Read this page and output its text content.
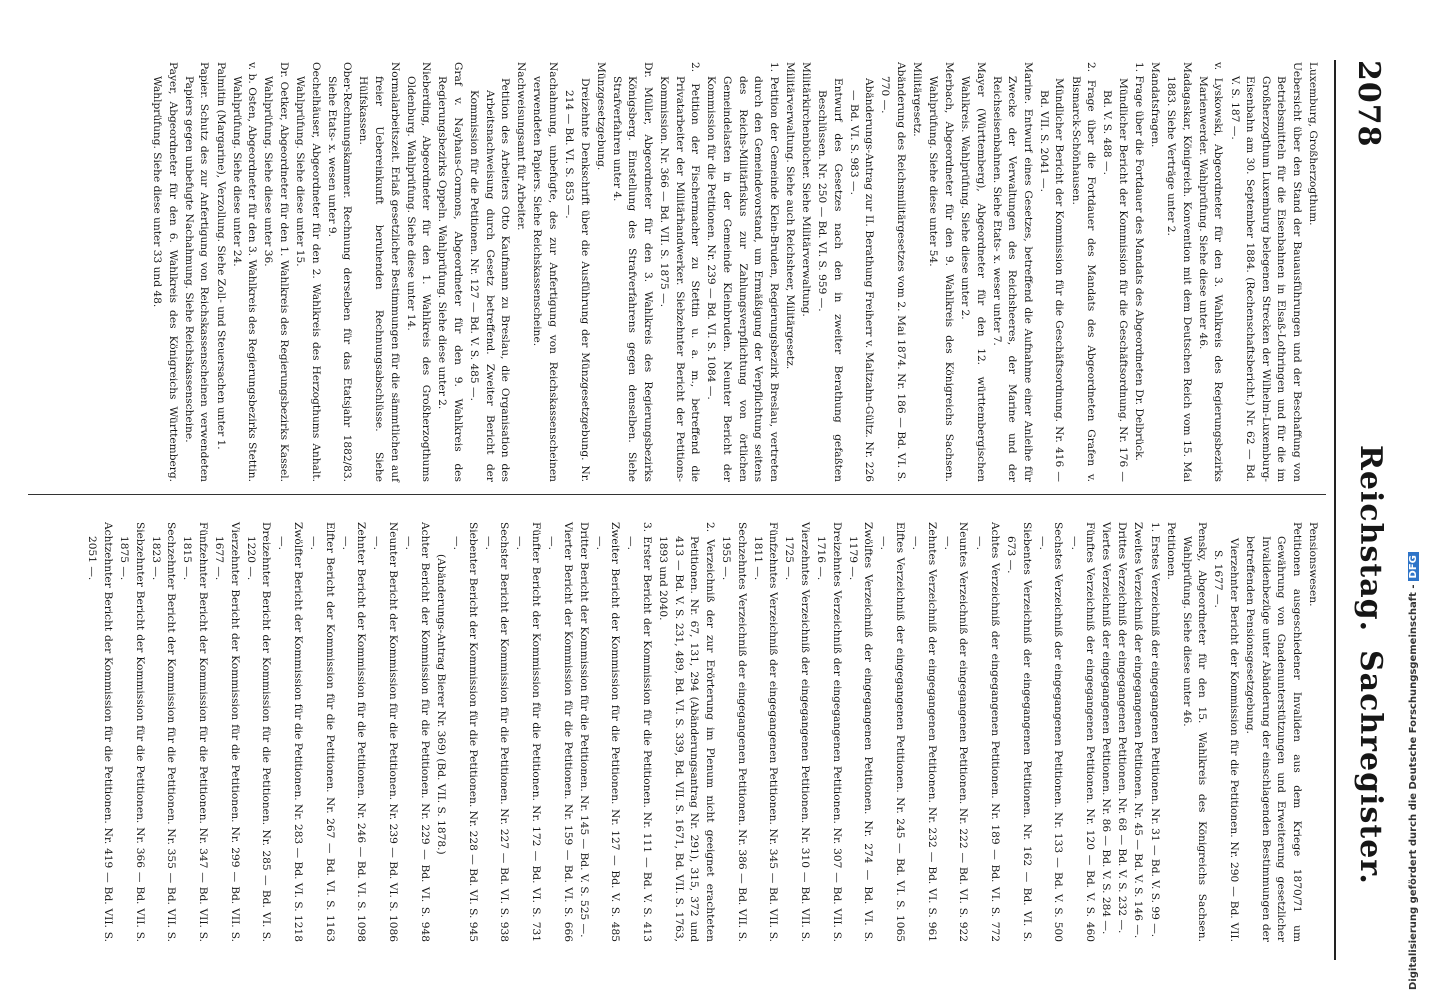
2078
Reichstag.
Sachregister.
Luxemburg, Großherzogthum.
Uebersicht über den Stand der Bauausführungen und der Beschaffung von Betriebsmitteln für die Eisenbahnen in Elsaß-Lothringen und für die im Großherzogthum Luxemburg belegenen Strecken der Wilhelm-Luxemburg-Eisenbahn am 30. September 1884. (Rechenschaftsbericht.) Nr. 62 — Bd. V. S. 187 —.
v. Lyskowski, Abgeordneter für den 3. Wahlkreis des Regierungsbezirks Marienwerder. Wahlprüfung. Siehe diese unter 46.
Madagaskar, Königreich. Konvention mit dem Deutschen Reich vom 15. Mai 1883. Siehe Verträge unter 2.
Mandatsfragen.
1. Frage über die Fortdauer des Mandats des Abgeordneten Dr. Delbrück.
Mündlicher Bericht der Kommission für die Geschäftsordnung. Nr. 176 — Bd. V. S. 488 —.
2. Frage über die Fortdauer des Mandats des Abgeordneten Grafen v. Bismarck-Schönhausen.
Mündlicher Bericht der Kommission für die Geschäftsordnung. Nr. 416 — Bd. VII. S. 2041 —.
Marine. Entwurf eines Gesetzes, betreffend die Aufnahme einer Anleihe für Zwecke der Verwaltungen des Reichsheeres, der Marine und der Reichseisenbahnen. Siehe Etats- x. weser unter 7.
Mayer (Württemberg), Abgeordneter für den 12. württembergischen Wahlkreis. Wahlprüfung. Siehe diese unter 2.
Merbach, Abgeordneter für den 9. Wahlkreis des Königreichs Sachsen. Wahlprüfung. Siehe diese unter 54.
Militärgesetz.
Abänderung des Reichsmilitärgesetzes vom 2. Mai 1874. Nr. 186 — Bd. VI. S. 770 —.
Abänderungs-Antrag zur II. Berathung Freiherr v. Maltzahn-Gültz. Nr. 226 — Bd. VI. S. 983 —.
Entwurf des Gesetzes nach den in zweiter Berathung gefaßten Beschlüssen. Nr. 250 — Bd. VI. S. 959 —.
Militärkirchenbücher. Siehe Militärverwaltung.
Militärverwaltung. Siehe auch Reichsheer, Militärgesetz.
1. Petition der Gemeinde Klein-Bruden, Regierungsbezirk Breslau, vertreten durch den Gemeindevorstand, um Ermäßigung der Verpflichtung seitens des Reichs-Militärfiskus zur Zahlungsverpflichtung von örtlichen Gemeindelasten in der Gemeinde Kleinbruden. Neunter Bericht der Kommission für die Petitionen. Nr. 239 — Bd. VI. S. 1084 —.
2. Petition der Fischermacher zu Stettin u. a. m., betreffend die Privatarbeiter der Militärhandwerker. Siebzehnter Bericht der Petitions-Kommission. Nr. 366 — Bd. VII. S. 1875 —.
Dr. Müller, Abgeordneter für den 3. Wahlkreis des Regierungsbezirks Königsberg. Einstellung des Strafverfahrens gegen denselben. Siehe Strafverfahren unter 4.
Münzgesetzgebung.
Dreizehnte Denkschrift über die Ausführung der Münzgesetzgebung. Nr. 214 — Bd. VI. S. 853 —.
Nachahmung, unbefugte, des zur Anfertigung von Reichskassenscheinen verwendeten Papiers. Siehe Reichskassenscheine.
Nachweisungsamt für Arbeiter.
Petition des Arbeiters Otto Kaufmann zu Breslau, die Organisation des Arbeitsnachweisung durch Gesetz betreffend. Zweiter Bericht der Kommission für die Petitionen. Nr. 127 — Bd. V. S. 485 —.
Graf v. Nayhaus-Cormons, Abgeordneter für den 9. Wahlkreis des Regierungsbezirks Oppeln. Wahlprüfung. Siehe diese unter 2.
Nieberding, Abgeordneter für den 1. Wahlkreis des Großherzogthums Oldenburg. Wahlprüfung. Siehe diese unter 14.
Normalarbeitszeit. Erlaß gesetzlicher Bestimmungen für die sämmtlichen auf freier Uebereinkunft beruhenden Rechnungsabschlüsse. Siehe Hülfskassen.
Ober-Rechnungskammer. Rechnung derselben für das Etatsjahr 1882/83. Siehe Etats- x. wesen unter 9.
Oechelhäuser, Abgeordneter für den 2. Wahlkreis des Herzogthums Anhalt. Wahlprüfung. Siehe diese unter 15.
Dr. Oetker, Abgeordneter für den 1. Wahlkreis des Regierungsbezirks Kassel. Wahlprüfung. Siehe diese unter 36.
v. b. Osten, Abgeordneter für den 3. Wahlkreis des Regierungsbezirks Stettin. Wahlprüfung. Siehe diese unter 24.
Palmitin (Margarine), Verzollung. Siehe Zoll- und Steuersachen unter 1.
Papier. Schutz des zur Anfertigung von Reichskassenscheinen verwendeten Papiers gegen unbefugte Nachahmung. Siehe Reichskassenscheine.
Payer, Abgeordneter für den 6. Wahlkreis des Königreichs Württemberg. Wahlprüfung. Siehe diese unter 33 und 48.
Pensionswesen.
Petitionen ausgeschiedener Invaliden aus dem Kriege 1870/71 um Gewährung von Gnadenunterstützungen und Erweiterung gesetzlicher Invalidenbezüge unter Abänderung der einschlagenden Bestimmungen der betreffenden Pensionsgesetzgebung.
Vierzehnter Bericht der Kommission für die Petitionen. Nr. 290 — Bd. VII. S. 1677 —.
Pensky, Abgeordneter für den 15. Wahlkreis des Königreichs Sachsen. Wahlprüfung. Siehe diese unter 46.
Petitionen.
1. Erstes Verzeichniß der eingegangenen Petitionen. Nr. 31 — Bd. V. S. 99 —.
Zweites Verzeichniß der eingegangenen Petitionen. Nr. 45 — Bd. V. S. 146 —.
Drittes Verzeichniß der eingegangenen Petitionen. Nr. 68 — Bd. V. S. 232 —.
Viertes Verzeichniß der eingegangenen Petitionen. Nr. 86 — Bd. V. S. 284 —.
Fünftes Verzeichniß der eingegangenen Petitionen. Nr. 120 — Bd. V. S. 460 —.
Sechstes Verzeichniß der eingegangenen Petitionen. Nr. 133 — Bd. V. S. 500 —.
Siebentes Verzeichniß der eingegangenen Petitionen. Nr. 162 — Bd. VI. S. 673 —.
Achtes Verzeichniß der eingegangenen Petitionen. Nr. 189 — Bd. VI. S. 772 —.
Neuntes Verzeichniß der eingegangenen Petitionen. Nr. 222 — Bd. VI. S. 922 —.
Zehntes Verzeichniß der eingegangenen Petitionen. Nr. 232 — Bd. VI. S. 961 —.
Elftes Verzeichniß der eingegangenen Petitionen. Nr. 245 — Bd. VI. S. 1065 —.
Zwölftes Verzeichniß der eingegangenen Petitionen. Nr. 274 — Bd. VI. S. 1179 —.
Dreizehntes Verzeichniß der eingegangenen Petitionen. Nr. 307 — Bd. VII. S. 1716 —.
Vierzehntes Verzeichniß der eingegangenen Petitionen. Nr. 310 — Bd. VII. S. 1725 —.
Fünfzehntes Verzeichniß der eingegangenen Petitionen. Nr. 345 — Bd. VII. S. 1811 —.
Sechzehntes Verzeichniß der eingegangenen Petitionen. Nr. 386 — Bd. VII. S. 1955 —.
2. Verzeichniß der zur Erörterung im Plenum nicht geeignet erachteten Petitionen. Nr. 67, 131, 294 (Abänderungsantrag Nr. 291), 315, 372 und 413 — Bd. V. S. 231, 489, Bd. VI. S. 339, Bd. VII. S. 1671, Bd. VII. S. 1763, 1893 und 2040.
3. Erster Bericht der Kommission für die Petitionen. Nr. 111 — Bd. V. S. 413 —.
Zweiter Bericht der Kommission für die Petitionen. Nr. 127 — Bd. V. S. 485 —.
Dritter Bericht der Kommission für die Petitionen. Nr. 145 — Bd. V. S. 525 —.
Vierter Bericht der Kommission für die Petitionen. Nr. 159 — Bd. VI. S. 666 —.
Fünfter Bericht der Kommission für die Petitionen. Nr. 172 — Bd. VI. S. 731 —.
Sechster Bericht der Kommission für die Petitionen. Nr. 227 — Bd. VI. S. 938 —.
Siebenter Bericht der Kommission für die Petitionen. Nr. 228 — Bd. VI. S. 945 —.
(Abänderungs-Antrag Bierer Nr. 369) (Bd. VII. S. 1878.)
Achter Bericht der Kommission für die Petitionen. Nr. 229 — Bd. VI. S. 948 —.
Neunter Bericht der Kommission für die Petitionen. Nr. 239 — Bd. VI. S. 1086 —.
Zehnter Bericht der Kommission für die Petitionen. Nr. 246 — Bd. VI. S. 1098 —.
Elfter Bericht der Kommission für die Petitionen. Nr. 267 — Bd. VI. S. 1163 —.
Zwölfter Bericht der Kommission für die Petitionen. Nr. 283 — Bd. VI. S. 1218 —.
Dreizehnter Bericht der Kommission für die Petitionen. Nr. 285 — Bd. VI. S. 1220 —.
Vierzehnter Bericht der Kommission für die Petitionen. Nr. 299 — Bd. VII. S. 1677 —.
Fünfzehnter Bericht der Kommission für die Petitionen. Nr. 347 — Bd. VII. S. 1815 —.
Sechzehnter Bericht der Kommission für die Petitionen. Nr. 355 — Bd. VII. S. 1823 —.
Siebzehnter Bericht der Kommission für die Petitionen. Nr. 366 — Bd. VII. S. 1875 —.
Achtzehnter Bericht der Kommission für die Petitionen. Nr. 419 — Bd. VII. S. 2051 —.
Digitalisierung gefördert durch die Deutsche Forschungsgemeinschaft -DFG
